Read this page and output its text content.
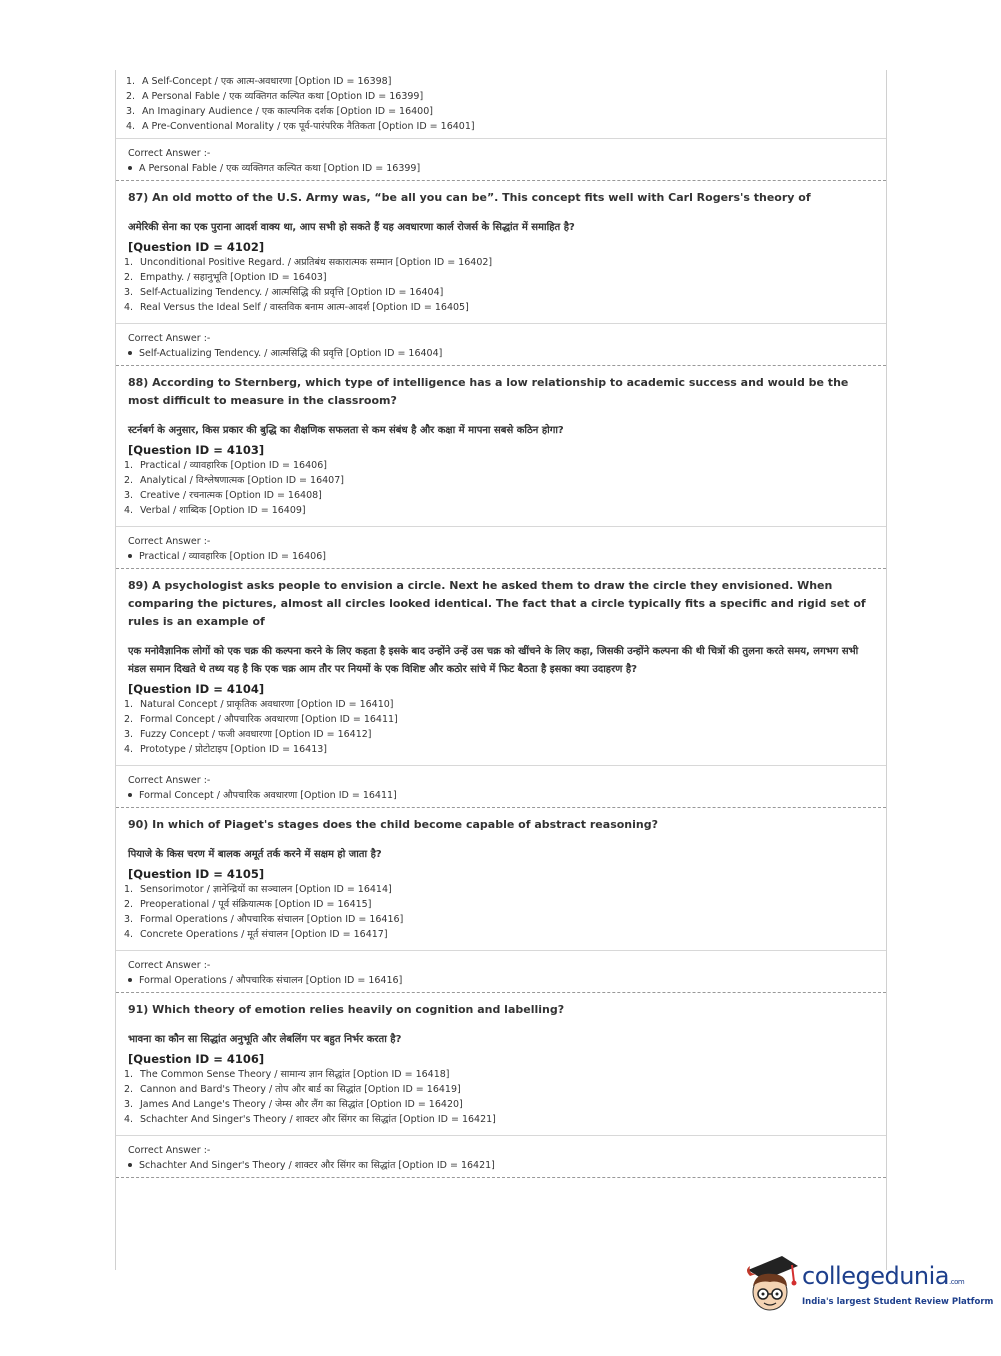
1. A Self-Concept / एक आत्म-अवधारणा [Option ID = 16398]
2. A Personal Fable / एक व्यक्तिगत कल्पित कथा [Option ID = 16399]
3. An Imaginary Audience / एक काल्पनिक दर्शक [Option ID = 16400]
4. A Pre-Conventional Morality / एक पूर्व-पारंपरिक नैतिकता [Option ID = 16401]
Correct Answer :-
A Personal Fable / एक व्यक्तिगत कल्पित कथा [Option ID = 16399]
87) An old motto of the U.S. Army was, “be all you can be”. This concept fits well with Carl Rogers's theory of
अमेरिकी सेना का एक पुराना आदर्श वाक्य था, आप सभी हो सकते हैं यह अवधारणा कार्ल रोजर्स के सिद्धांत में समाहित है?
[Question ID = 4102]
1. Unconditional Positive Regard. / अप्रतिबंध सकारात्मक सम्मान [Option ID = 16402]
2. Empathy. / सहानुभूति [Option ID = 16403]
3. Self-Actualizing Tendency. / आत्मसिद्धि की प्रवृत्ति [Option ID = 16404]
4. Real Versus the Ideal Self / वास्तविक बनाम आत्म-आदर्श [Option ID = 16405]
Correct Answer :-
Self-Actualizing Tendency. / आत्मसिद्धि की प्रवृत्ति [Option ID = 16404]
88) According to Sternberg, which type of intelligence has a low relationship to academic success and would be the most difficult to measure in the classroom?
स्टर्नबर्ग के अनुसार, किस प्रकार की बुद्धि का शैक्षणिक सफलता से कम संबंध है और कक्षा में मापना सबसे कठिन होगा?
[Question ID = 4103]
1. Practical / व्यावहारिक [Option ID = 16406]
2. Analytical / विश्लेषणात्मक [Option ID = 16407]
3. Creative / रचनात्मक [Option ID = 16408]
4. Verbal / शाब्दिक [Option ID = 16409]
Correct Answer :-
Practical / व्यावहारिक [Option ID = 16406]
89) A psychologist asks people to envision a circle. Next he asked them to draw the circle they envisioned. When comparing the pictures, almost all circles looked identical. The fact that a circle typically fits a specific and rigid set of rules is an example of
एक मनोवैज्ञानिक लोगों को एक चक्र की कल्पना करने के लिए कहता है इसके बाद उन्होंने उन्हें उस चक्र को खींचने के लिए कहा, जिसकी उन्होंने कल्पना की थी चित्रों की तुलना करते समय, लगभग सभी मंडल समान दिखते थे तथ्य यह है कि एक चक्र आम तौर पर नियमों के एक विशिष्ट और कठोर सांचे में फिट बैठता है इसका क्या उदाहरण है?
[Question ID = 4104]
1. Natural Concept / प्राकृतिक अवधारणा [Option ID = 16410]
2. Formal Concept / औपचारिक अवधारणा [Option ID = 16411]
3. Fuzzy Concept / फजी अवधारणा [Option ID = 16412]
4. Prototype / प्रोटोटाइप [Option ID = 16413]
Correct Answer :-
Formal Concept / औपचारिक अवधारणा [Option ID = 16411]
90) In which of Piaget's stages does the child become capable of abstract reasoning?
पियाजे के किस चरण में बालक अमूर्त तर्क करने में सक्षम हो जाता है?
[Question ID = 4105]
1. Sensorimotor / ज्ञानेन्द्रियों का सञ्चालन [Option ID = 16414]
2. Preoperational / पूर्व संक्रियात्मक [Option ID = 16415]
3. Formal Operations / औपचारिक संचालन [Option ID = 16416]
4. Concrete Operations / मूर्त संचालन [Option ID = 16417]
Correct Answer :-
Formal Operations / औपचारिक संचालन [Option ID = 16416]
91) Which theory of emotion relies heavily on cognition and labelling?
भावना का कौन सा सिद्धांत अनुभूति और लेबलिंग पर बहुत निर्भर करता है?
[Question ID = 4106]
1. The Common Sense Theory / सामान्य ज्ञान सिद्धांत [Option ID = 16418]
2. Cannon and Bard's Theory / तोप और बार्ड का सिद्धांत [Option ID = 16419]
3. James And Lange's Theory / जेम्स और लैंग का सिद्धांत [Option ID = 16420]
4. Schachter And Singer's Theory / शाक्टर और सिंगर का सिद्धांत [Option ID = 16421]
Correct Answer :-
Schachter And Singer's Theory / शाक्टर और सिंगर का सिद्धांत [Option ID = 16421]
collegedunia.com
India's largest Student Review Platform
